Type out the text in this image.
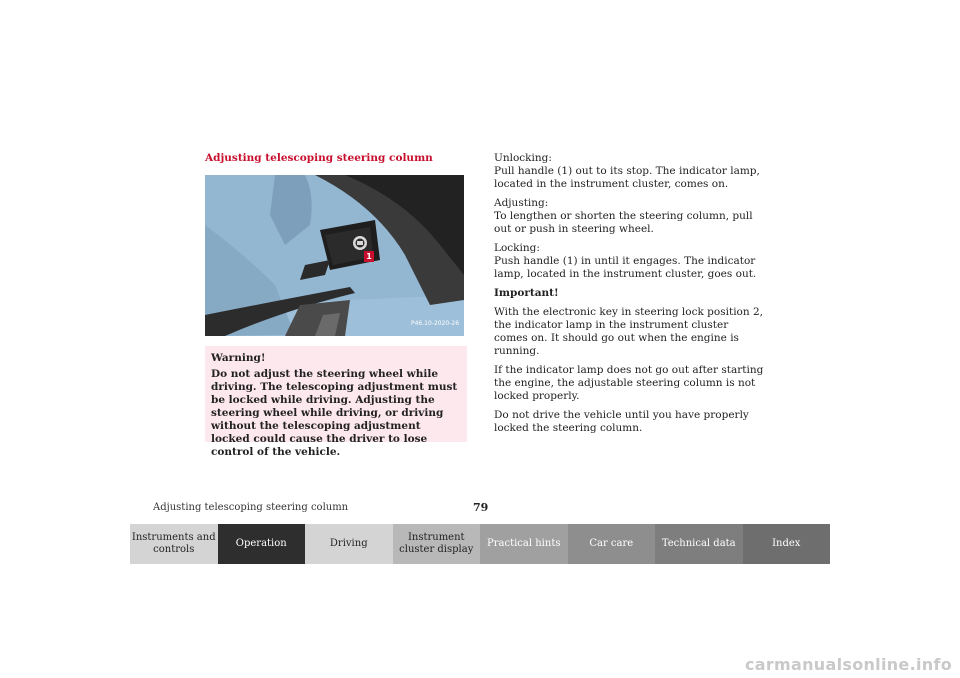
Adjusting telescoping steering column
1
P46.10-2020-26
Warning!
Do not adjust the steering wheel while driving. The telescoping adjustment must be locked while driving. Adjusting the steering wheel while driving, or driving without the telescoping adjustment locked could cause the driver to lose control of the vehicle.

Unlocking:
Pull handle (1) out to its stop. The indicator lamp, located in the instrument cluster, comes on.

Adjusting:
To lengthen or shorten the steering column, pull out or push in steering wheel.

Locking:
Push handle (1) in until it engages. The indicator lamp, located in the instrument cluster, goes out.

Important!

With the electronic key in steering lock position 2, the indicator lamp in the instrument cluster comes on. It should go out when the engine is running.

If the indicator lamp does not go out after starting the engine, the adjustable steering column is not locked properly.

Do not drive the vehicle until you have properly locked the steering column.

Adjusting telescoping steering column	79
Instruments and controls
Operation	Driving
Instrument cluster display
Practical hints	Car care	Technical data	Index
carmanualsonline.info
